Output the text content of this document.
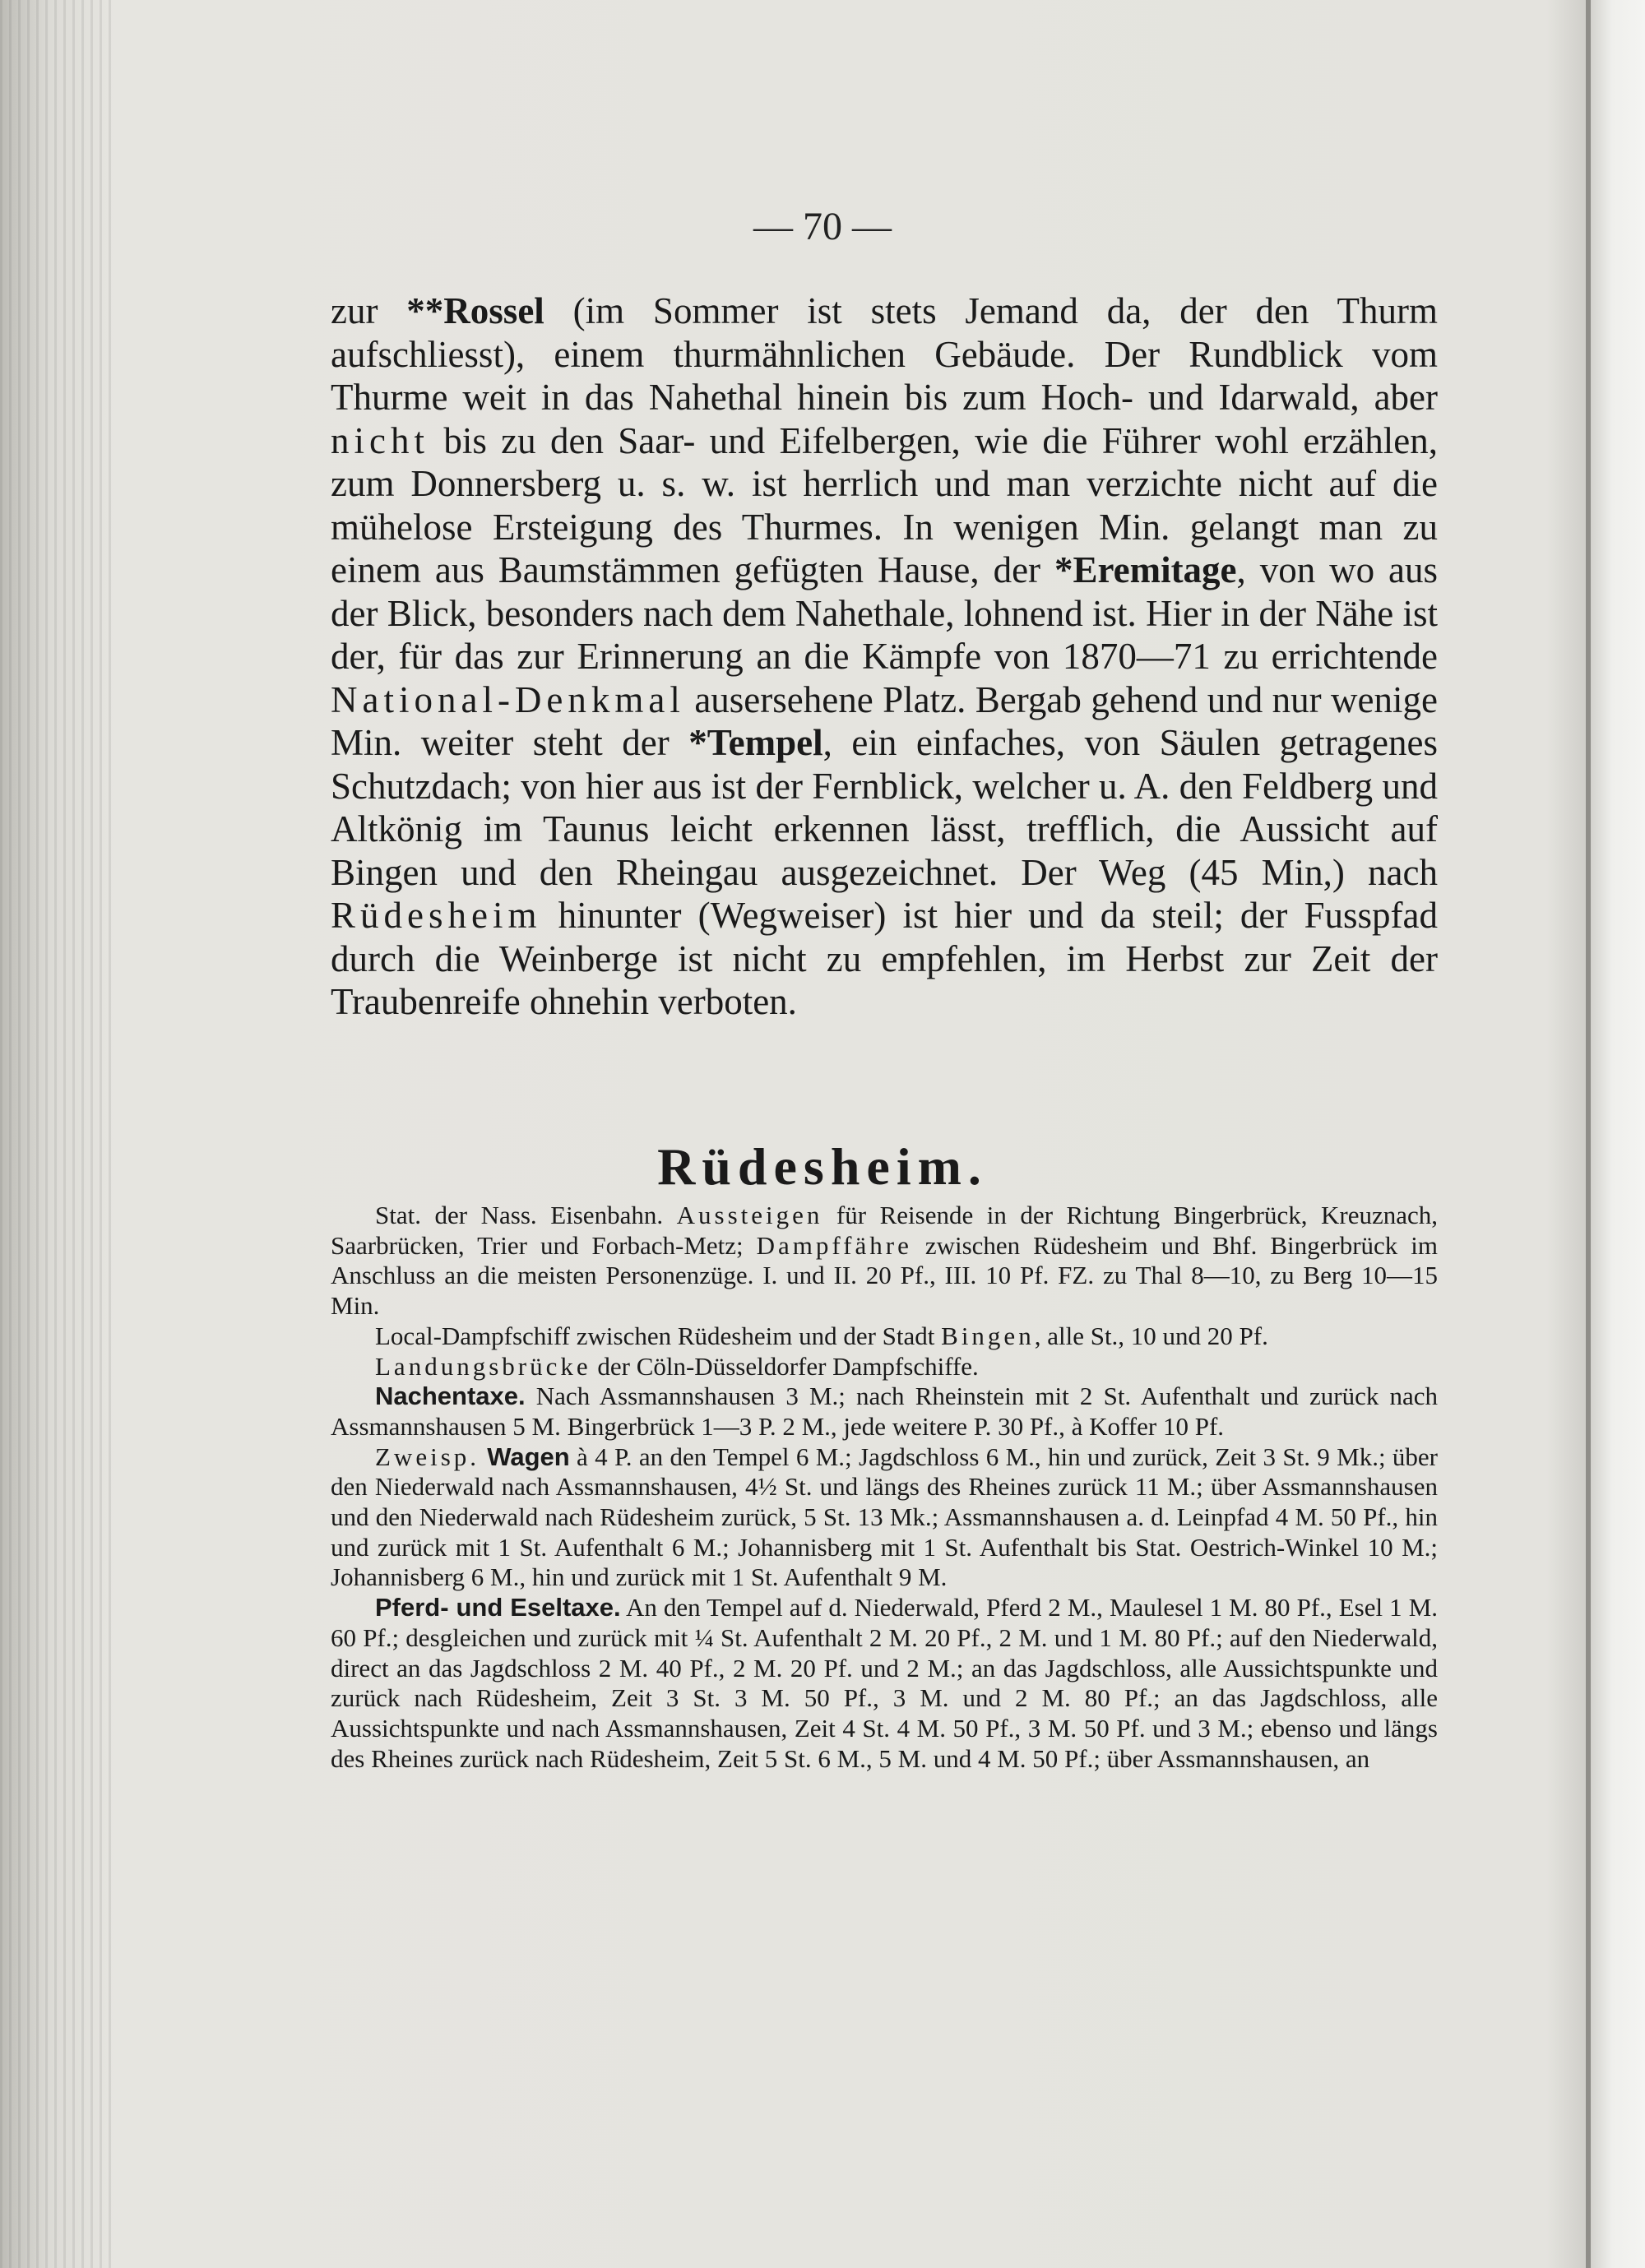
— 70 —

zur **Rossel (im Sommer ist stets Jemand da, der den Thurm aufschliesst), einem thurmähnlichen Gebäude. Der Rundblick vom Thurme weit in das Nahethal hinein bis zum Hoch- und Idarwald, aber nicht bis zu den Saar- und Eifelbergen, wie die Führer wohl erzählen, zum Donnersberg u. s. w. ist herrlich und man verzichte nicht auf die mühelose Ersteigung des Thurmes. In wenigen Min. gelangt man zu einem aus Baumstämmen gefügten Hause, der *Eremitage, von wo aus der Blick, besonders nach dem Nahethale, lohnend ist. Hier in der Nähe ist der, für das zur Erinnerung an die Kämpfe von 1870—71 zu errichtende National-Denkmal ausersehene Platz. Bergab gehend und nur wenige Min. weiter steht der *Tempel, ein einfaches, von Säulen getragenes Schutzdach; von hier aus ist der Fernblick, welcher u. A. den Feldberg und Altkönig im Taunus leicht erkennen lässt, trefflich, die Aussicht auf Bingen und den Rheingau ausgezeichnet. Der Weg (45 Min,) nach Rüdesheim hinunter (Wegweiser) ist hier und da steil; der Fusspfad durch die Weinberge ist nicht zu empfehlen, im Herbst zur Zeit der Traubenreife ohnehin verboten.

Rüdesheim.

Stat. der Nass. Eisenbahn. Aussteigen für Reisende in der Richtung Bingerbrück, Kreuznach, Saarbrücken, Trier und Forbach-Metz; Dampffähre zwischen Rüdesheim und Bhf. Bingerbrück im Anschluss an die meisten Personenzüge. I. und II. 20 Pf., III. 10 Pf. FZ. zu Thal 8—10, zu Berg 10—15 Min.

Local-Dampfschiff zwischen Rüdesheim und der Stadt Bingen, alle St., 10 und 20 Pf.

Landungsbrücke der Cöln-Düsseldorfer Dampfschiffe.

Nachentaxe. Nach Assmannshausen 3 M.; nach Rheinstein mit 2 St. Aufenthalt und zurück nach Assmannshausen 5 M. Bingerbrück 1—3 P. 2 M., jede weitere P. 30 Pf., à Koffer 10 Pf.

Zweisp. Wagen à 4 P. an den Tempel 6 M.; Jagdschloss 6 M., hin und zurück, Zeit 3 St. 9 Mk.; über den Niederwald nach Assmannshausen, 4½ St. und längs des Rheines zurück 11 M.; über Assmannshausen und den Niederwald nach Rüdesheim zurück, 5 St. 13 Mk.; Assmannshausen a. d. Leinpfad 4 M. 50 Pf., hin und zurück mit 1 St. Aufenthalt 6 M.; Johannisberg mit 1 St. Aufenthalt bis Stat. Oestrich-Winkel 10 M.; Johannisberg 6 M., hin und zurück mit 1 St. Aufenthalt 9 M.

Pferd- und Eseltaxe. An den Tempel auf d. Niederwald, Pferd 2 M., Maulesel 1 M. 80 Pf., Esel 1 M. 60 Pf.; desgleichen und zurück mit ¼ St. Aufenthalt 2 M. 20 Pf., 2 M. und 1 M. 80 Pf.; auf den Niederwald, direct an das Jagdschloss 2 M. 40 Pf., 2 M. 20 Pf. und 2 M.; an das Jagdschloss, alle Aussichtspunkte und zurück nach Rüdesheim, Zeit 3 St. 3 M. 50 Pf., 3 M. und 2 M. 80 Pf.; an das Jagdschloss, alle Aussichtspunkte und nach Assmannshausen, Zeit 4 St. 4 M. 50 Pf., 3 M. 50 Pf. und 3 M.; ebenso und längs des Rheines zurück nach Rüdesheim, Zeit 5 St. 6 M., 5 M. und 4 M. 50 Pf.; über Assmannshausen, an
